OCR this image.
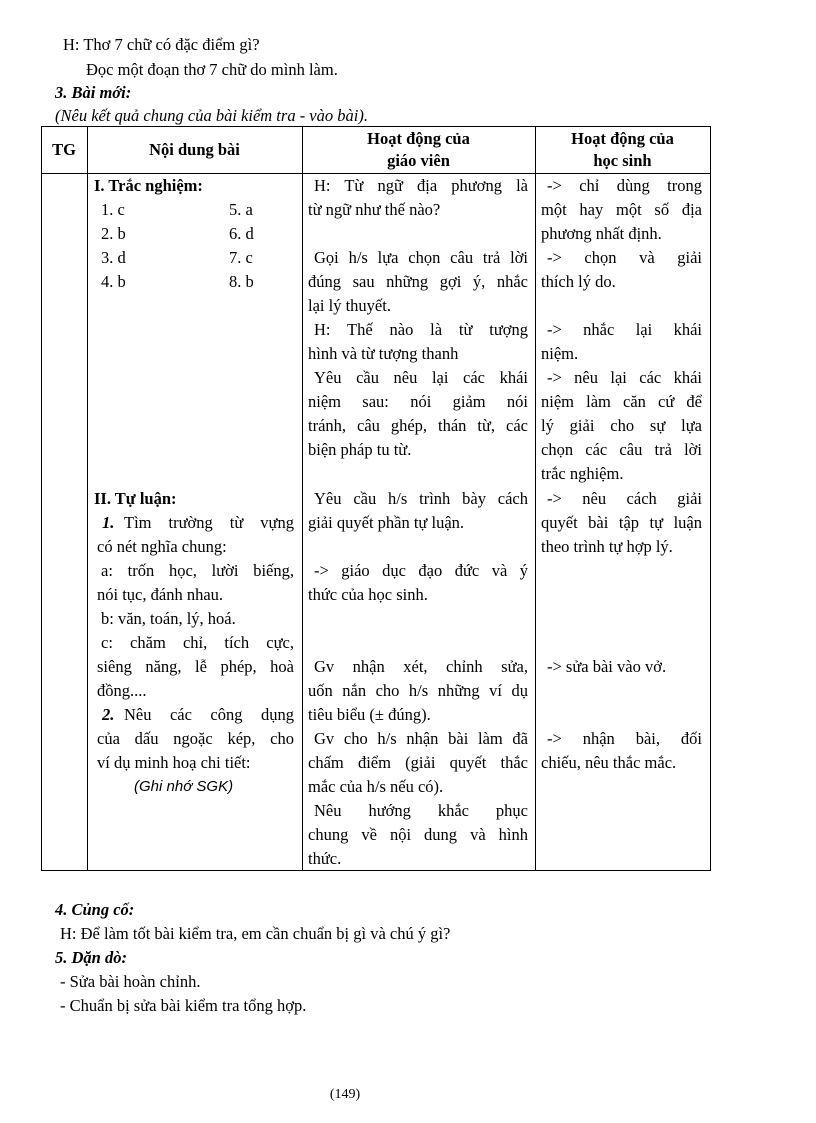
H: Thơ 7 chữ có đặc điểm gì?
Đọc một đoạn thơ 7 chữ do mình làm.
3. Bài mới:
(Nêu kết quả chung của bài kiểm tra - vào bài).
TG	Nội dung bài
Hoạt động của
giáo viên
Hoạt động của
học sinh
I. Trắc nghiệm:
1. c
2. b
3. d
4. b
5. a
6. d
7. c
8. b
II. Tự luận:
1. Tìm trường từ vựng
có nét nghĩa chung:
a: trốn học, lười biếng,
nói tục, đánh nhau.
b: văn, toán, lý, hoá.
c: chăm chỉ, tích cực,
siêng năng, lễ phép, hoà
đồng....
2. Nêu các công dụng
của dấu ngoặc kép, cho
ví dụ minh hoạ chi tiết:
(Ghi nhớ SGK)
H: Từ ngữ địa phương là
từ ngữ như thế nào?
Gọi h/s lựa chọn câu trả lời
đúng sau những gợi ý, nhắc
lại lý thuyết.
H: Thế nào là từ tượng
hình và từ tượng thanh
Yêu cầu nêu lại các khái
niệm sau: nói giảm nói
tránh, câu ghép, thán từ, các
biện pháp tu từ.
Yêu cầu h/s trình bày cách
giải quyết phần tự luận.
-> giáo dục đạo đức và ý
thức của học sinh.
Gv nhận xét, chỉnh sửa,
uốn nắn cho h/s những ví dụ
tiêu biểu (± đúng).
Gv cho h/s nhận bài làm đã
chấm điểm (giải quyết thắc
mắc của h/s nếu có).
Nêu hướng khắc phục
chung về nội dung và hình
thức.
-> chỉ dùng trong
một hay một số địa
phương nhất định.
-> chọn và giải
thích lý do.
-> nhắc lại khái
niệm.
-> nêu lại các khái
niệm làm căn cứ để
lý giải cho sự lựa
chọn các câu trả lời
trắc nghiệm.
-> nêu cách giải
quyết bài tập tự luận
theo trình tự hợp lý.
-> sửa bài vào vở.
-> nhận bài, đối
chiếu, nêu thắc mắc.
4. Củng cố:
H: Để làm tốt bài kiểm tra, em cần chuẩn bị gì và chú ý gì?
5. Dặn dò:
- Sửa bài hoàn chỉnh.
- Chuẩn bị sửa bài kiểm tra tổng hợp.
(149)
